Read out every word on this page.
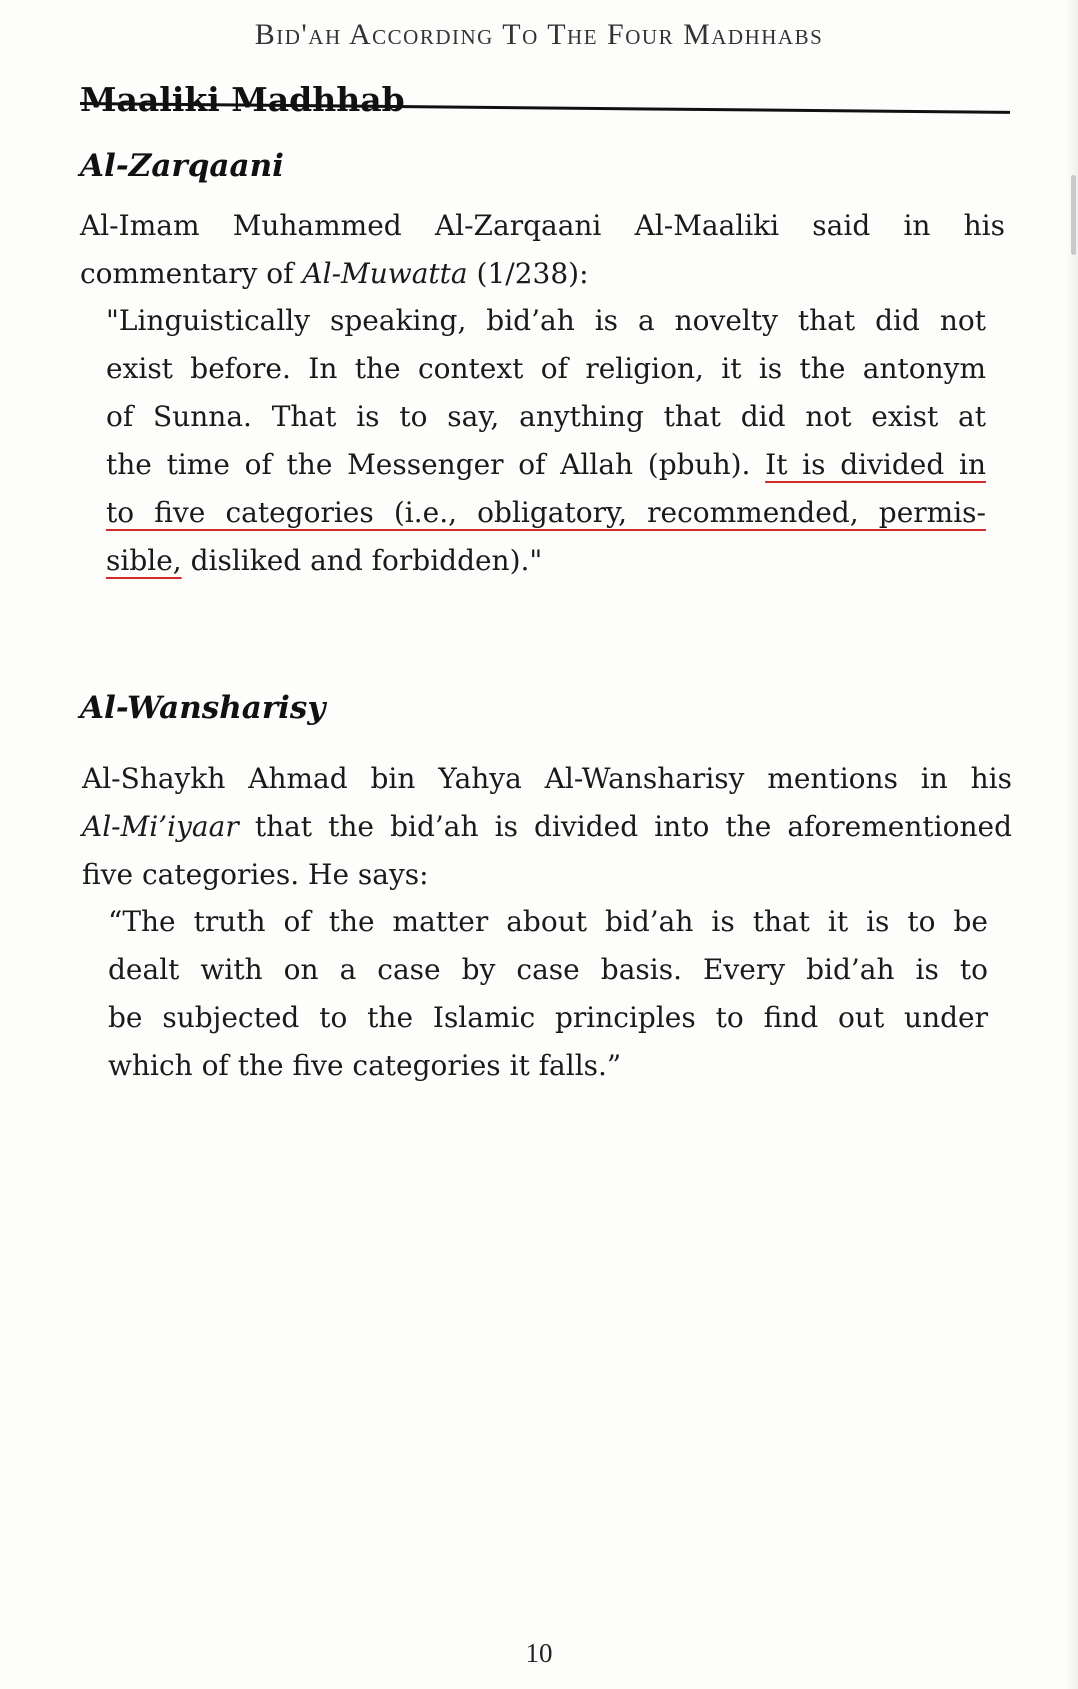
Bid'ah According To The Four Madhhabs
Maaliki Madhhab
Al-Zarqaani
Al-Imam Muhammed Al-Zarqaani Al-Maaliki said in his
commentary of Al-Muwatta (1/238):
"Linguistically speaking, bid’ah is a novelty that did not
exist before. In the context of religion, it is the antonym
of Sunna. That is to say, anything that did not exist at
the time of the Messenger of Allah (pbuh). It is divided in
to five categories (i.e., obligatory, recommended, permis-
sible, disliked and forbidden)."
Al-Wansharisy
Al-Shaykh Ahmad bin Yahya Al-Wansharisy mentions in his
Al-Mi’iyaar that the bid’ah is divided into the aforementioned
five categories. He says:
“The truth of the matter about bid’ah is that it is to be
dealt with on a case by case basis. Every bid’ah is to
be subjected to the Islamic principles to find out under
which of the five categories it falls.”
10
